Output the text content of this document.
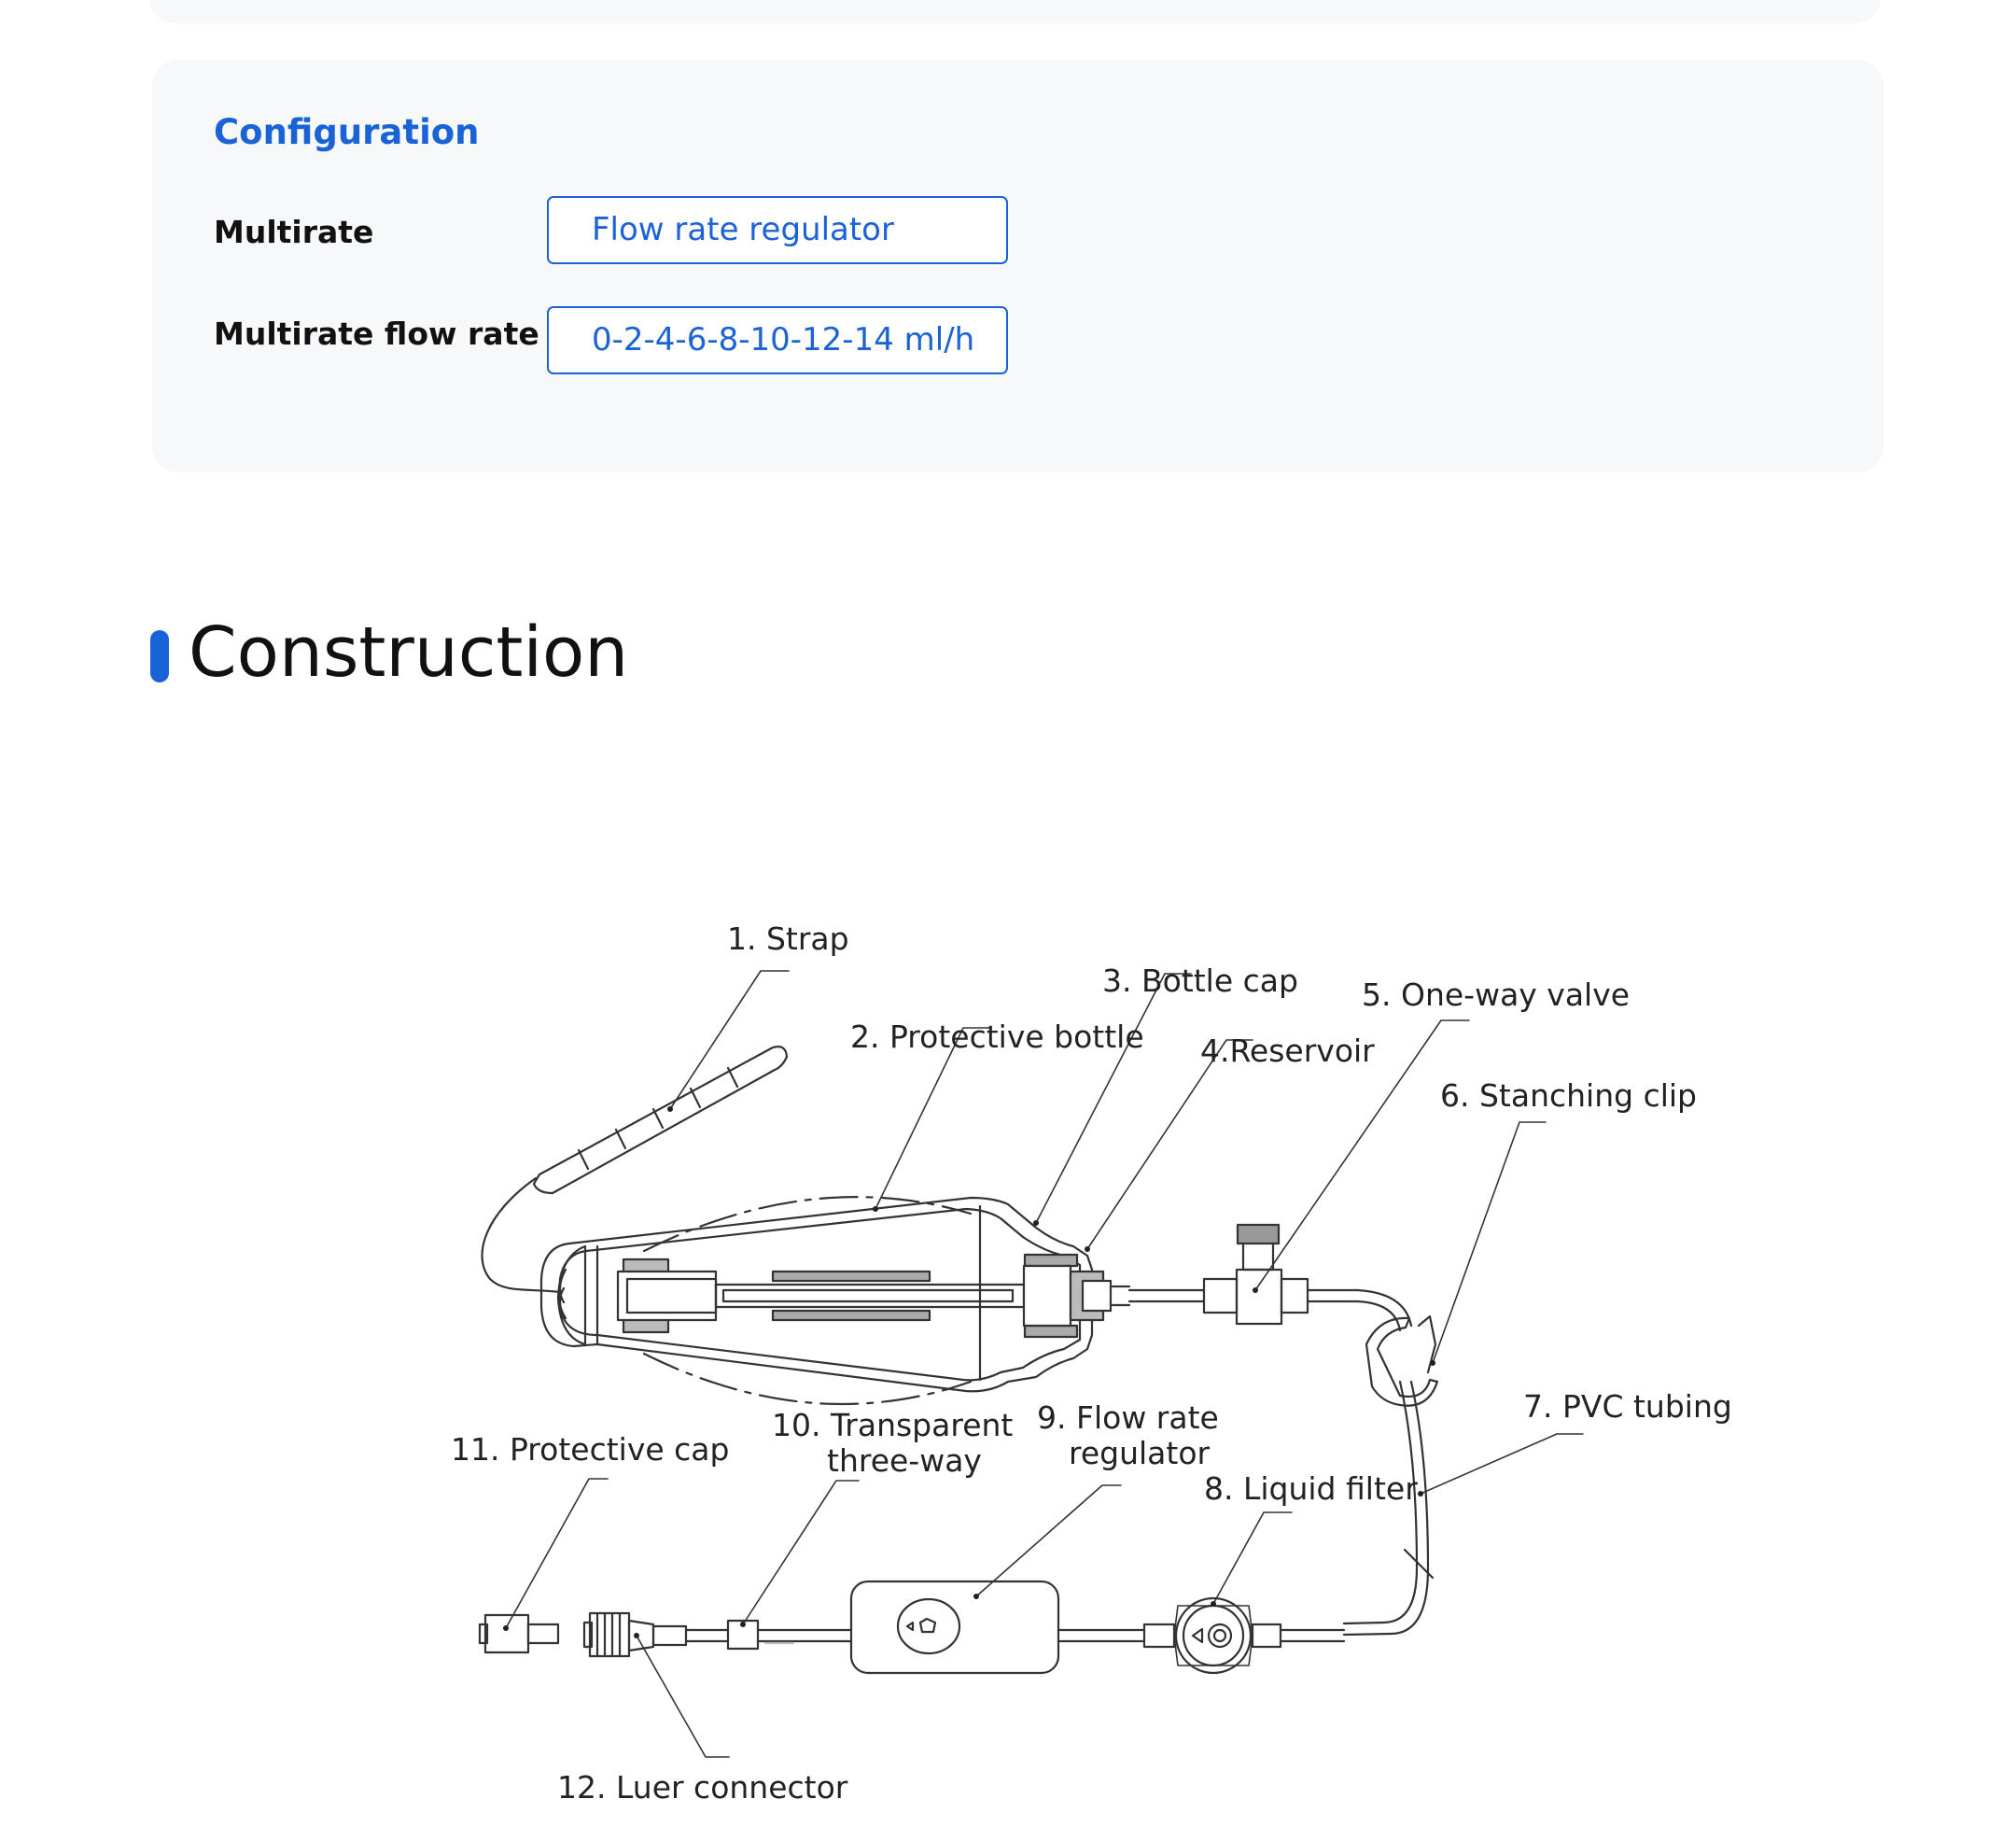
Configuration
Multirate	Flow rate regulator
Multirate flow rate	0-2-4-6-8-10-12-14 ml/h
Construction
1. Strap
2. Protective bottle
3. Bottle cap
4.Reservoir
5. One-way valve
6. Stanching clip
7. PVC tubing
8. Liquid filter
9. Flow rate
regulator
10. Transparent
three-way
11. Protective cap
12. Luer connector
